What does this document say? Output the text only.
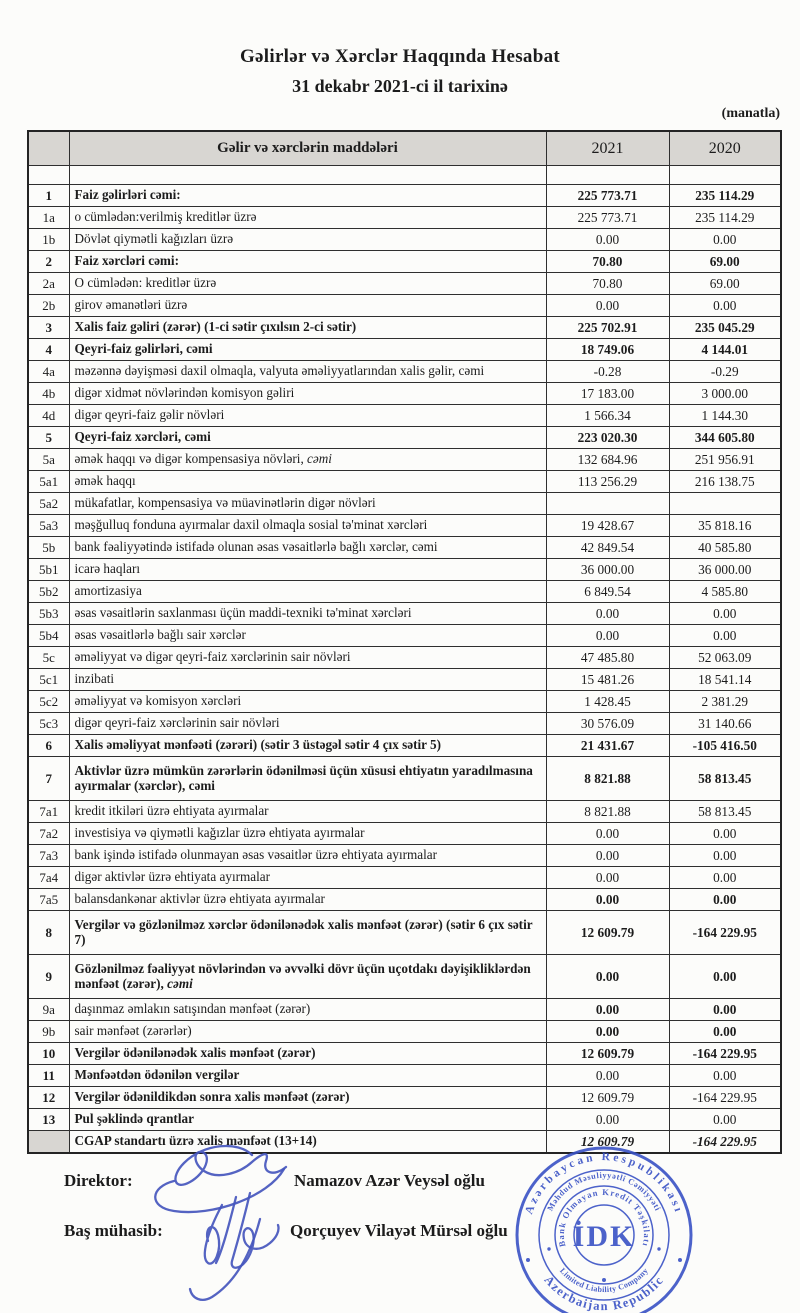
Gəlirlər və Xərclər Haqqında Hesabat
31 dekabr 2021-ci il tarixinə
(manatla)
	Gəlir və xərclərin maddələri	2021	2020

1	Faiz gəlirləri cəmi:	225 773.71	235 114.29
1a	o cümlədən:verilmiş kreditlər üzrə	225 773.71	235 114.29
1b	Dövlət qiymətli kağızları üzrə	0.00	0.00
2	Faiz xərcləri cəmi:	70.80	69.00
2a	O cümlədən: kreditlər üzrə	70.80	69.00
2b	girov əmanətləri üzrə	0.00	0.00
3	Xalis faiz gəliri (zərər) (1-ci sətir çıxılsın 2-ci sətir)	225 702.91	235 045.29
4	Qeyri-faiz gəlirləri, cəmi	18 749.06	4 144.01
4a	məzənnə dəyişməsi daxil olmaqla, valyuta əməliyyatlarından xalis gəlir, cəmi	-0.28	-0.29
4b	digər xidmət növlərindən komisyon gəliri	17 183.00	3 000.00
4d	digər qeyri-faiz gəlir növləri	1 566.34	1 144.30
5	Qeyri-faiz xərcləri, cəmi	223 020.30	344 605.80
5a	əmək haqqı və digər kompensasiya növləri, cəmi	132 684.96	251 956.91
5a1	əmək haqqı	113 256.29	216 138.75
5a2	mükafatlar, kompensasiya və müavinətlərin digər növləri		
5a3	məşğulluq fonduna ayırmalar daxil olmaqla sosial tə'minat xərcləri	19 428.67	35 818.16
5b	bank fəaliyyətində istifadə olunan əsas vəsaitlərlə bağlı xərclər, cəmi	42 849.54	40 585.80
5b1	icarə haqları	36 000.00	36 000.00
5b2	amortizasiya	6 849.54	4 585.80
5b3	əsas vəsaitlərin saxlanması üçün maddi-texniki tə'minat xərcləri	0.00	0.00
5b4	əsas vəsaitlərlə bağlı sair xərclər	0.00	0.00
5c	əməliyyat və digər qeyri-faiz xərclərinin sair növləri	47 485.80	52 063.09
5c1	inzibati	15 481.26	18 541.14
5c2	əməliyyat və komisyon xərcləri	1 428.45	2 381.29
5c3	digər qeyri-faiz xərclərinin sair növləri	30 576.09	31 140.66
6	Xalis əməliyyat mənfəəti (zərəri) (sətir 3 üstəgəl sətir 4 çıx sətir 5)	21 431.67	-105 416.50
7	Aktivlər üzrə mümkün zərərlərin ödənilməsi üçün xüsusi ehtiyatın yaradılmasına ayırmalar (xərclər), cəmi	8 821.88	58 813.45
7a1	kredit itkiləri üzrə ehtiyata ayırmalar	8 821.88	58 813.45
7a2	investisiya və qiymətli kağızlar üzrə ehtiyata ayırmalar	0.00	0.00
7a3	bank işində istifadə olunmayan əsas vəsaitlər üzrə ehtiyata ayırmalar	0.00	0.00
7a4	digər aktivlər üzrə ehtiyata ayırmalar	0.00	0.00
7a5	balansdankənar aktivlər üzrə ehtiyata ayırmalar	0.00	0.00
8	Vergilər və gözlənilməz xərclər ödənilənədək xalis mənfəət (zərər) (sətir 6 çıx sətir 7)	12 609.79	-164 229.95
9	Gözlənilməz fəaliyyət növlərindən və əvvəlki dövr üçün uçotdakı dəyişikliklərdən mənfəət (zərər), cəmi	0.00	0.00
9a	daşınmaz əmlakın satışından mənfəət (zərər)	0.00	0.00
9b	sair mənfəət (zərərlər)	0.00	0.00
10	Vergilər ödənilənədək xalis mənfəət (zərər)	12 609.79	-164 229.95
11	Mənfəətdən ödənilən vergilər	0.00	0.00
12	Vergilər ödənildikdən sonra xalis mənfəət (zərər)	12 609.79	-164 229.95
13	Pul şəklində qrantlar	0.00	0.00
	CGAP standartı üzrə xalis mənfəət (13+14)	12 609.79	-164 229.95
Direktor:	Namazov Azər Veysəl oğlu
Baş mühasib:	Qorçuyev Vilayət Mürsəl oğlu
Azərbaycan Respublikası
Azerbaijan Republic
Məhdud Məsuliyyətli Cəmiyyəti
Limited Liability Company
Bank Olmayan Kredit Təşkilatı
İDK
